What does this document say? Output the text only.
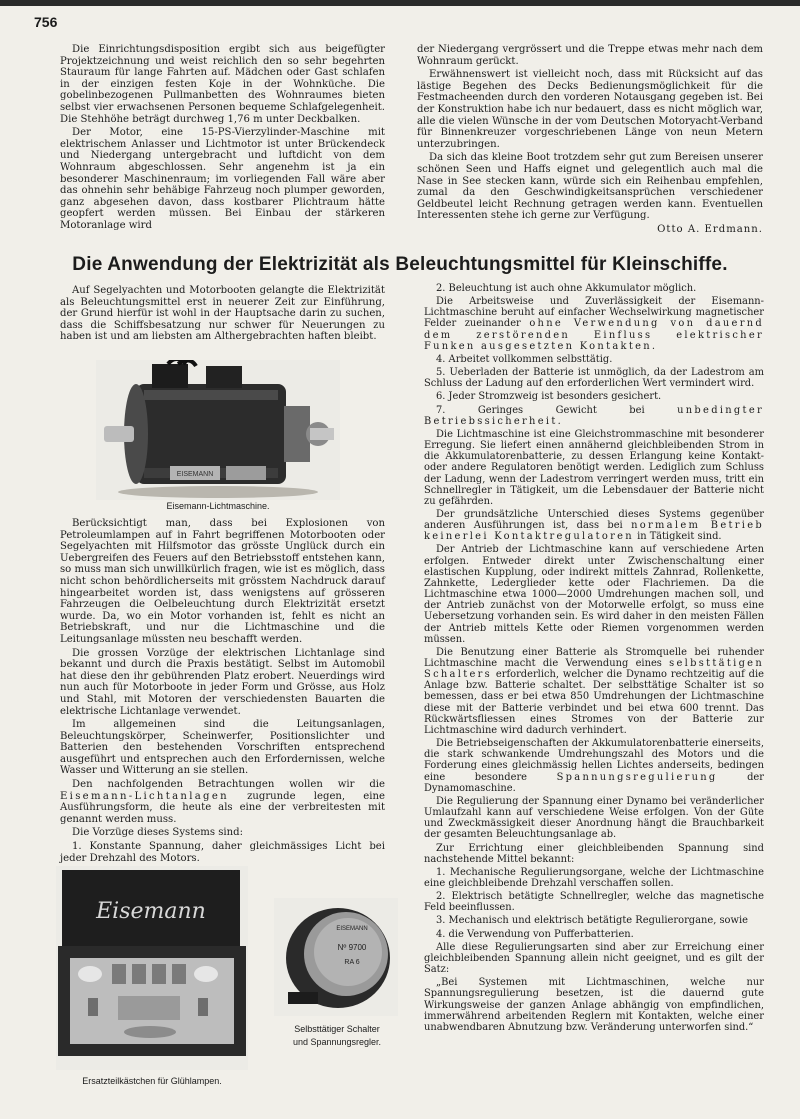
756

Die Einrichtungsdisposition ergibt sich aus beigefügter Projektzeichnung und weist reichlich den so sehr begehrten Stauraum für lange Fahrten auf. Mädchen oder Gast schlafen in der einzigen festen Koje in der Wohnküche. Die gobelinbezogenen Pullmanbetten des Wohnraumes bieten selbst vier erwachsenen Personen bequeme Schlafgelegenheit. Die Stehhöhe beträgt durchweg 1,76 m unter Deckbalken.

Der Motor, eine 15-PS-Vierzylinder-Maschine mit elektrischem Anlasser und Lichtmotor ist unter Brückendeck und Niedergang untergebracht und luftdicht von dem Wohnraum abgeschlossen. Sehr angenehm ist ja ein besonderer Maschinenraum; im vorliegenden Fall wäre aber das ohnehin sehr behäbige Fahrzeug noch plumper geworden, ganz abgesehen davon, dass kostbarer Plichtraum hätte geopfert werden müssen. Bei Einbau der stärkeren Motoranlage wird

der Niedergang vergrössert und die Treppe etwas mehr nach dem Wohnraum gerückt.

Erwähnenswert ist vielleicht noch, dass mit Rücksicht auf das lästige Begehen des Decks Bedienungsmöglichkeit für die Festmacheenden durch den vorderen Notausgang gegeben ist. Bei der Konstruktion habe ich nur bedauert, dass es nicht möglich war, alle die vielen Wünsche in der vom Deutschen Motoryacht-Verband für Binnenkreuzer vorgeschriebenen Länge von neun Metern unterzubringen.

Da sich das kleine Boot trotzdem sehr gut zum Bereisen unserer schönen Seen und Haffs eignet und gelegentlich auch mal die Nase in See stecken kann, würde sich ein Reihenbau empfehlen, zumal da den Geschwindigkeitsansprüchen verschiedener Geldbeutel leicht Rechnung getragen werden kann. Eventuellen Interessenten stehe ich gerne zur Verfügung.

Otto A. Erdmann.
Die Anwendung der Elektrizität als Beleuchtungsmittel für Kleinschiffe.

Auf Segelyachten und Motorbooten gelangte die Elektrizität als Beleuchtungsmittel erst in neuerer Zeit zur Einführung, der Grund hierfür ist wohl in der Hauptsache darin zu suchen, dass die Schiffsbesatzung nur schwer für Neuerungen zu haben ist und am liebsten am Althergebrachten haften bleibt.

EISEMANN
Eisemann-Lichtmaschine.

Berücksichtigt man, dass bei Explosionen von Petroleumlampen auf in Fahrt begriffenen Motorbooten oder Segelyachten mit Hilfsmotor das grösste Unglück durch ein Uebergreifen des Feuers auf den Betriebsstoff entstehen kann, so muss man sich unwillkürlich fragen, wie ist es möglich, dass nicht schon behördlicherseits mit grösstem Nachdruck darauf hingearbeitet worden ist, dass wenigstens auf grösseren Fahrzeugen die Oelbeleuchtung durch Elektrizität ersetzt wurde. Da, wo ein Motor vorhanden ist, fehlt es nicht an Betriebskraft, und nur die Lichtmaschine und die Leitungsanlage müssten neu beschafft werden.

Die grossen Vorzüge der elektrischen Lichtanlage sind bekannt und durch die Praxis bestätigt. Selbst im Automobil hat diese den ihr gebührenden Platz erobert. Neuerdings wird nun auch für Motorboote in jeder Form und Grösse, aus Holz und Stahl, mit Motoren der verschiedensten Bauarten die elektrische Lichtanlage verwendet.

Im allgemeinen sind die Leitungsanlagen, Beleuchtungskörper, Scheinwerfer, Positionslichter und Batterien den bestehenden Vorschriften entsprechend ausgeführt und entsprechen auch den Erfordernissen, welche Wasser und Witterung an sie stellen.

Den nachfolgenden Betrachtungen wollen wir die Eisemann-Lichtanlagen zugrunde legen, eine Ausführungsform, die heute als eine der verbreitesten mit genannt werden muss.

Die Vorzüge dieses Systems sind:

1. Konstante Spannung, daher gleichmässiges Licht bei jeder Drehzahl des Motors.

Eisemann
Ersatzteilkästchen für Glühlampen.
EISEMANN
Nº 9700
RA 6
Selbsttätiger Schalter
und Spannungsregler.

2. Beleuchtung ist auch ohne Akkumulator möglich.

Die Arbeitsweise und Zuverlässigkeit der Eisemann-Lichtmaschine beruht auf einfacher Wechselwirkung magnetischer Felder zueinander ohne Verwendung von dauernd dem zerstörenden Einfluss elektrischer Funken ausgesetzten Kontakten.

4. Arbeitet vollkommen selbsttätig.

5. Ueberladen der Batterie ist unmöglich, da der Ladestrom am Schluss der Ladung auf den erforderlichen Wert vermindert wird.

6. Jeder Stromzweig ist besonders gesichert.

7. Geringes Gewicht bei unbedingter Betriebssicherheit.

Die Lichtmaschine ist eine Gleichstrommaschine mit besonderer Erregung. Sie liefert einen annähernd gleichbleibenden Strom in die Akkumulatorenbatterie, zu dessen Erlangung keine Kontakt- oder andere Regulatoren benötigt werden. Lediglich zum Schluss der Ladung, wenn der Ladestrom verringert werden muss, tritt ein Schnellregler in Tätigkeit, um die Lebensdauer der Batterie nicht zu gefährden.

Der grundsätzliche Unterschied dieses Systems gegenüber anderen Ausführungen ist, dass bei normalem Betrieb keinerlei Kontaktregulatoren in Tätigkeit sind.

Der Antrieb der Lichtmaschine kann auf verschiedene Arten erfolgen. Entweder direkt unter Zwischenschaltung einer elastischen Kupplung, oder indirekt mittels Zahnrad, Rollenkette, Zahnkette, Lederglieder kette oder Flachriemen. Da die Lichtmaschine etwa 1000—2000 Umdrehungen machen soll, und der Antrieb zunächst von der Motorwelle erfolgt, so muss eine Uebersetzung vorhanden sein. Es wird daher in den meisten Fällen der Antrieb mittels Kette oder Riemen vorgenommen werden müssen.

Die Benutzung einer Batterie als Stromquelle bei ruhender Lichtmaschine macht die Verwendung eines selbsttätigen Schalters erforderlich, welcher die Dynamo rechtzeitig auf die Anlage bzw. Batterie schaltet. Der selbsttätige Schalter ist so bemessen, dass er bei etwa 850 Umdrehungen der Lichtmaschine diese mit der Batterie verbindet und bei etwa 600 trennt. Das Rückwärtsfliessen eines Stromes von der Batterie zur Lichtmaschine wird dadurch verhindert.

Die Betriebseigenschaften der Akkumulatorenbatterie einerseits, die stark schwankende Umdrehungszahl des Motors und die Forderung eines gleichmässig hellen Lichtes anderseits, bedingen eine besondere Spannungsregulierung der Dynamomaschine.

Die Regulierung der Spannung einer Dynamo bei veränderlicher Umlaufzahl kann auf verschiedene Weise erfolgen. Von der Güte und Zweckmässigkeit dieser Anordnung hängt die Brauchbarkeit der gesamten Beleuchtungsanlage ab.

Zur Errichtung einer gleichbleibenden Spannung sind nachstehende Mittel bekannt:

1. Mechanische Regulierungsorgane, welche der Lichtmaschine eine gleichbleibende Drehzahl verschaffen sollen.

2. Elektrisch betätigte Schnellregler, welche das magnetische Feld beeinflussen.

3. Mechanisch und elektrisch betätigte Regulierorgane, sowie

4. die Verwendung von Pufferbatterien.

Alle diese Regulierungsarten sind aber zur Erreichung einer gleichbleibenden Spannung allein nicht geeignet, und es gilt der Satz:

„Bei Systemen mit Lichtmaschinen, welche nur Spannungsregulierung besetzen, ist die dauernd gute Wirkungsweise der ganzen Anlage abhängig von empfindlichen, immerwährend arbeitenden Reglern mit Kontakten, welche einer unabwendbaren Abnutzung bzw. Veränderung unterworfen sind.“
